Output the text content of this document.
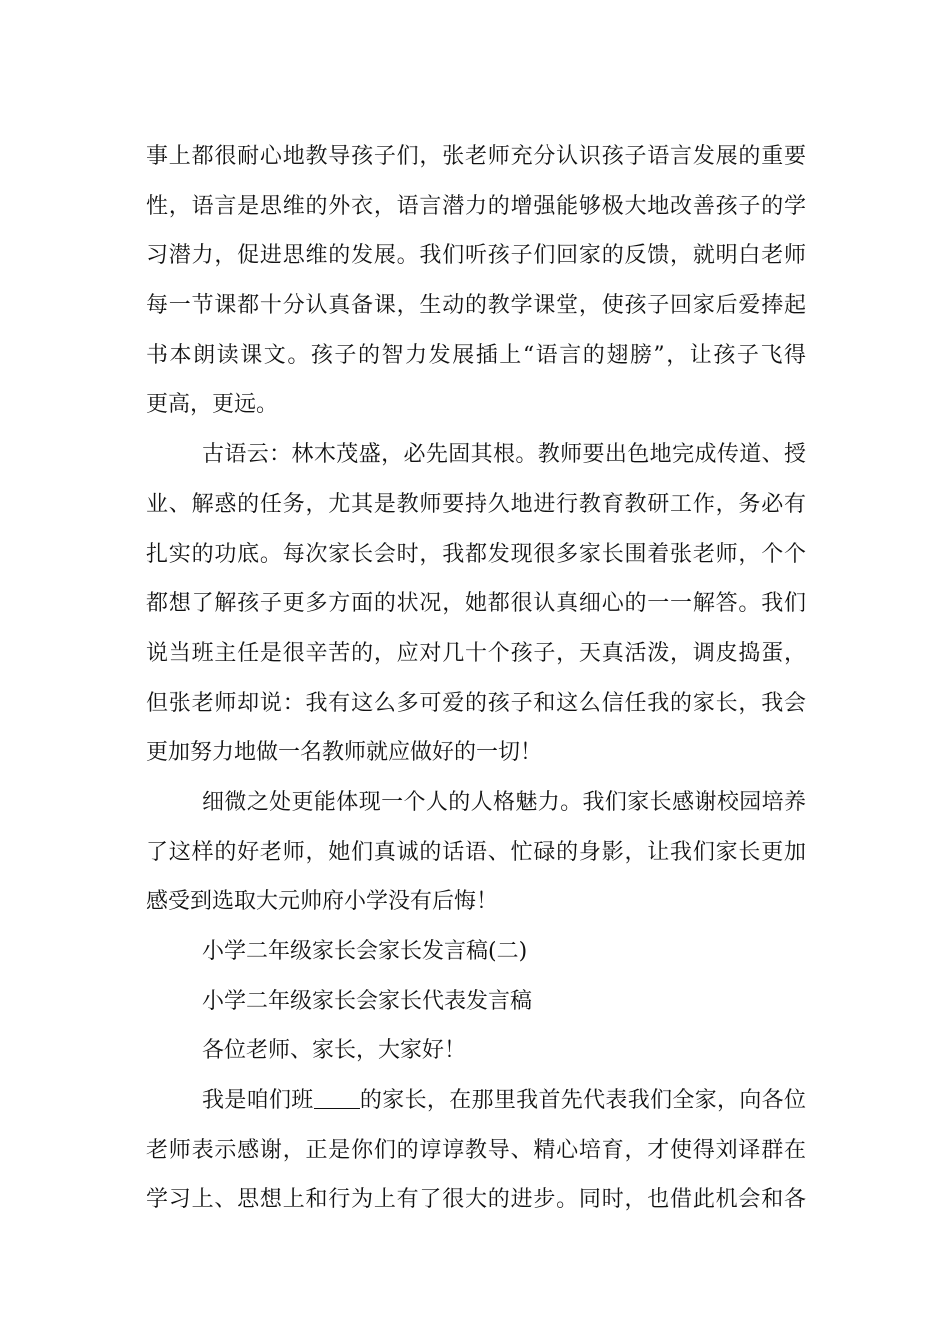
事上都很耐心地教导孩子们，张老师充分认识孩子语言发展的重要
性，语言是思维的外衣，语言潜力的增强能够极大地改善孩子的学
习潜力，促进思维的发展。我们听孩子们回家的反馈，就明白老师
每一节课都十分认真备课，生动的教学课堂，使孩子回家后爱捧起
书本朗读课文。孩子的智力发展插上“语言的翅膀”，让孩子飞得
更高，更远。
古语云：林木茂盛，必先固其根。教师要出色地完成传道、授
业、解惑的任务，尤其是教师要持久地进行教育教研工作，务必有
扎实的功底。每次家长会时，我都发现很多家长围着张老师，个个
都想了解孩子更多方面的状况，她都很认真细心的一一解答。我们
说当班主任是很辛苦的，应对几十个孩子，天真活泼，调皮捣蛋，
但张老师却说：我有这么多可爱的孩子和这么信任我的家长，我会
更加努力地做一名教师就应做好的一切！
细微之处更能体现一个人的人格魅力。我们家长感谢校园培养
了这样的好老师，她们真诚的话语、忙碌的身影，让我们家长更加
感受到选取大元帅府小学没有后悔！
小学二年级家长会家长发言稿(二)
小学二年级家长会家长代表发言稿
各位老师、家长，大家好！
我是咱们班 的家长，在那里我首先代表我们全家，向各位
老师表示感谢，正是你们的谆谆教导、精心培育，才使得刘译群在
学习上、思想上和行为上有了很大的进步。同时，也借此机会和各
